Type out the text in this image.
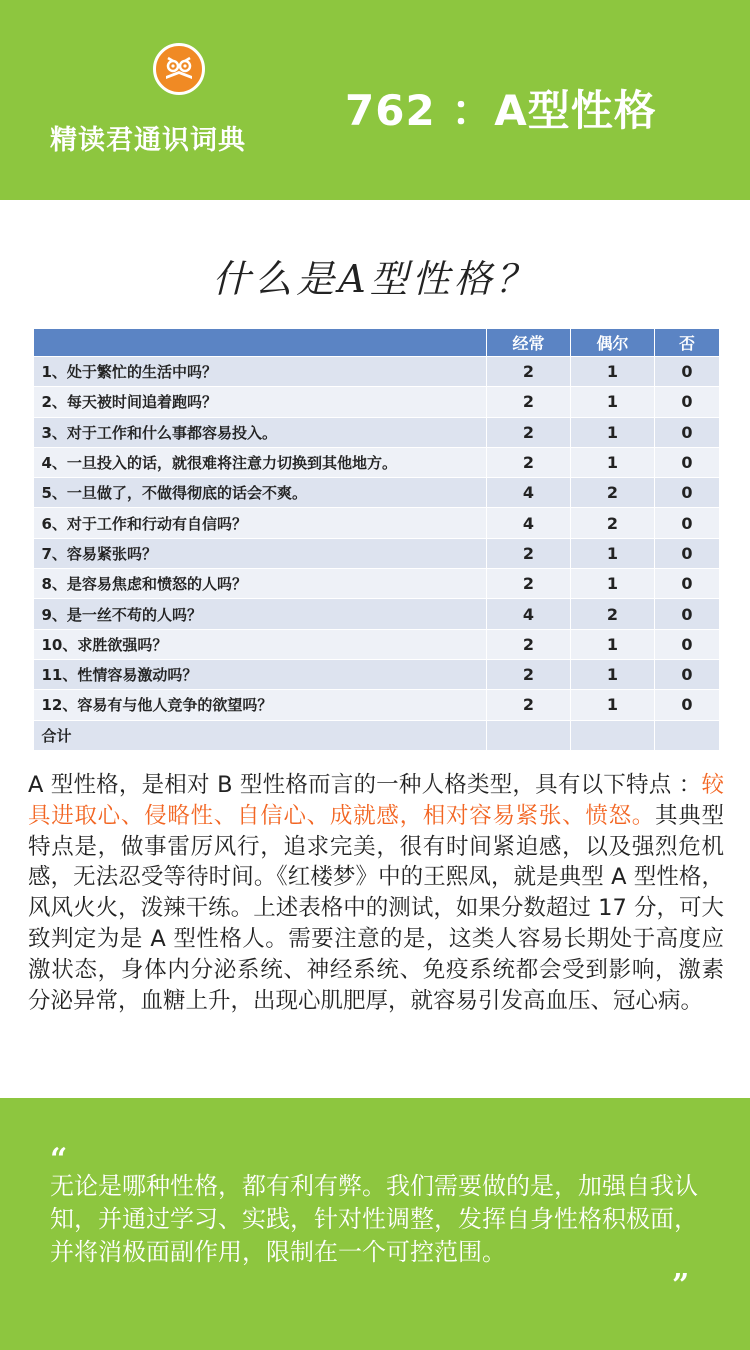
精读君通识词典
762 ：A型性格
什么是A型性格？
	经常	偶尔	否
1、处于繁忙的生活中吗？	2	1	0
2、每天被时间追着跑吗？	2	1	0
3、对于工作和什么事都容易投入。	2	1	0
4、一旦投入的话，就很难将注意力切换到其他地方。	2	1	0
5、一旦做了，不做得彻底的话会不爽。	4	2	0
6、对于工作和行动有自信吗？	4	2	0
7、容易紧张吗？	2	1	0
8、是容易焦虑和愤怒的人吗？	2	1	0
9、是一丝不苟的人吗？	4	2	0
10、求胜欲强吗？	2	1	0
11、性情容易激动吗？	2	1	0
12、容易有与他人竞争的欲望吗？	2	1	0
合计			
A 型性格，是相对 B 型性格而言的一种人格类型，具有以下特点 ：较具进取心、侵略性、自信心、成就感，相对容易紧张、愤怒。其典型特点是，做事雷厉风行，追求完美，很有时间紧迫感，以及强烈危机感，无法忍受等待时间。《红楼梦》中的王熙凤，就是典型 A 型性格，风风火火，泼辣干练。上述表格中的测试，如果分数超过 17 分，可大致判定为是 A 型性格人。需要注意的是，这类人容易长期处于高度应激状态，身体内分泌系统、神经系统、免疫系统都会受到影响，激素分泌异常，血糖上升，出现心肌肥厚，就容易引发高血压、冠心病。
“
无论是哪种性格，都有利有弊。我们需要做的是，加强自我认知，并通过学习、实践，针对性调整，发挥自身性格积极面，并将消极面副作用，限制在一个可控范围。
”
